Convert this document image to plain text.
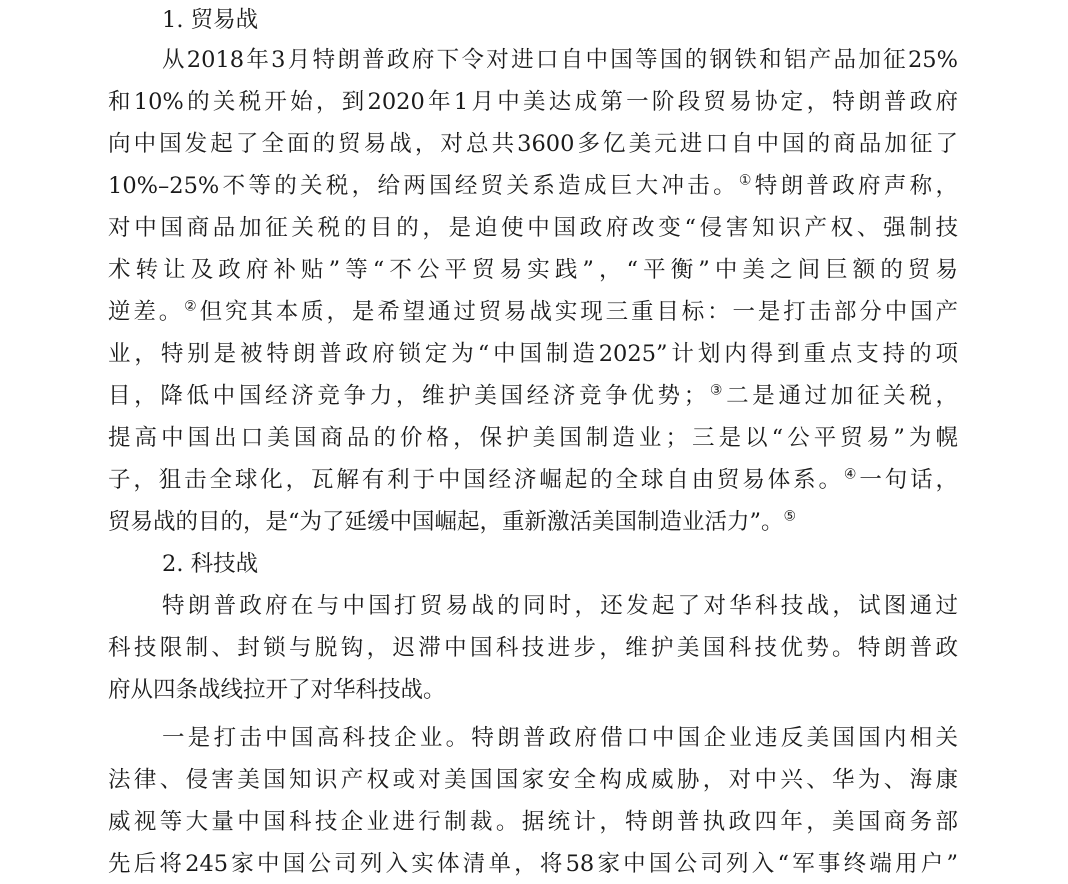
1. 贸易战
从2018年3月特朗普政府下令对进口自中国等国的钢铁和铝产品加征25%
和10%的关税开始，到2020年1月中美达成第一阶段贸易协定，特朗普政府
向中国发起了全面的贸易战，对总共3600多亿美元进口自中国的商品加征了
10%–25%不等的关税，给两国经贸关系造成巨大冲击。①特朗普政府声称，
对中国商品加征关税的目的，是迫使中国政府改变“侵害知识产权、强制技
术转让及政府补贴”等“不公平贸易实践”，“平衡”中美之间巨额的贸易
逆差。②但究其本质，是希望通过贸易战实现三重目标：一是打击部分中国产
业，特别是被特朗普政府锁定为“中国制造2025”计划内得到重点支持的项
目，降低中国经济竞争力，维护美国经济竞争优势；③二是通过加征关税，
提高中国出口美国商品的价格，保护美国制造业；三是以“公平贸易”为幌
子，狙击全球化，瓦解有利于中国经济崛起的全球自由贸易体系。④一句话，
贸易战的目的，是“为了延缓中国崛起，重新激活美国制造业活力”。⑤
2. 科技战
特朗普政府在与中国打贸易战的同时，还发起了对华科技战，试图通过
科技限制、封锁与脱钩，迟滞中国科技进步，维护美国科技优势。特朗普政
府从四条战线拉开了对华科技战。
一是打击中国高科技企业。特朗普政府借口中国企业违反美国国内相关
法律、侵害美国知识产权或对美国国家安全构成威胁，对中兴、华为、海康
威视等大量中国科技企业进行制裁。据统计，特朗普执政四年，美国商务部
先后将245家中国公司列入实体清单，将58家中国公司列入“军事终端用户”
